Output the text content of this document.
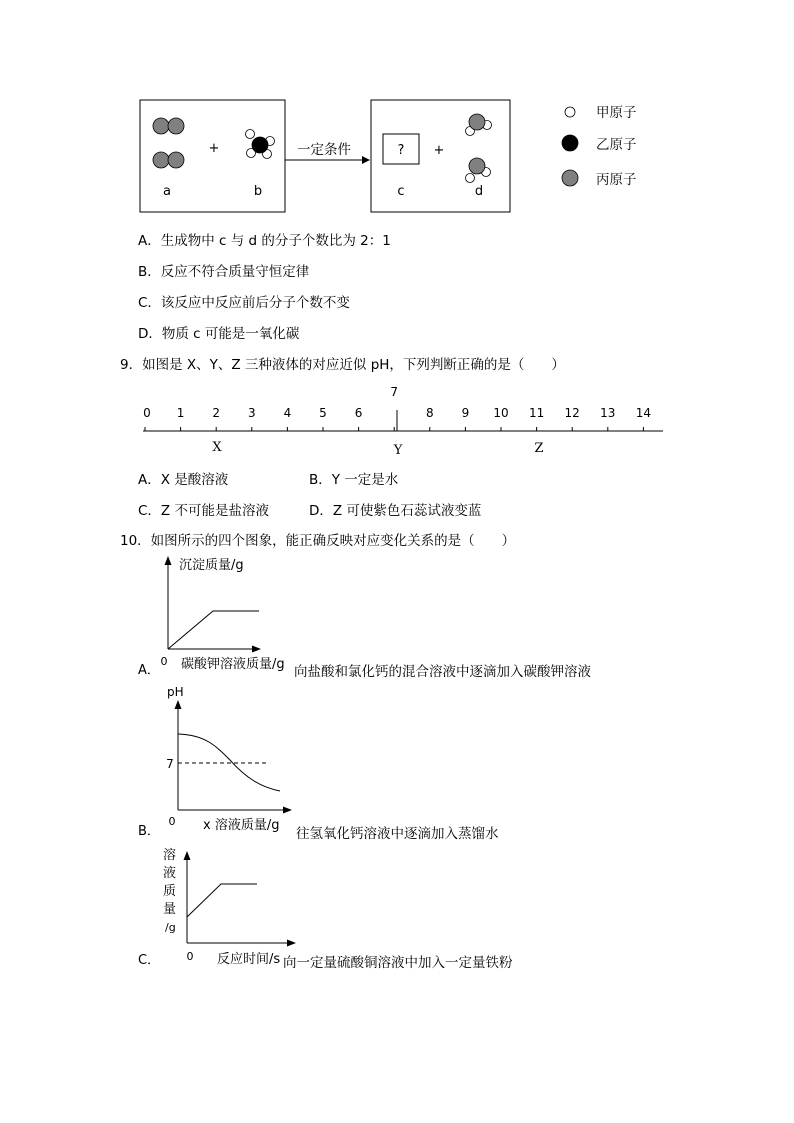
a
+
b
一定条件	?
c
+
d
甲原子
乙原子
丙原子
A．生成物中 c 与 d 的分子个数比为 2：1
B．反应不符合质量守恒定律
C．该反应中反应前后分子个数不变
D．物质 c 可能是一氧化碳
9．如图是 X、Y、Z 三种液体的对应近似 pH，下列判断正确的是（　　）
0 1 2 3 4 5 6
7
8 9 10 11 12 13 14
X	Y	Z
A．X 是酸溶液	B．Y 一定是水
C．Z 不可能是盐溶液	D．Z 可使紫色石蕊试液变蓝
10．如图所示的四个图象，能正确反映对应变化关系的是（　　）
沉淀质量/g
0 碳酸钾溶液质量/g
A．	向盐酸和氯化钙的混合溶液中逐滴加入碳酸钾溶液
pH
7
0 x 溶液质量/g
B．	往氢氧化钙溶液中逐滴加入蒸馏水
溶
液
质
量
/g
0 反应时间/s
C．	向一定量硫酸铜溶液中加入一定量铁粉
